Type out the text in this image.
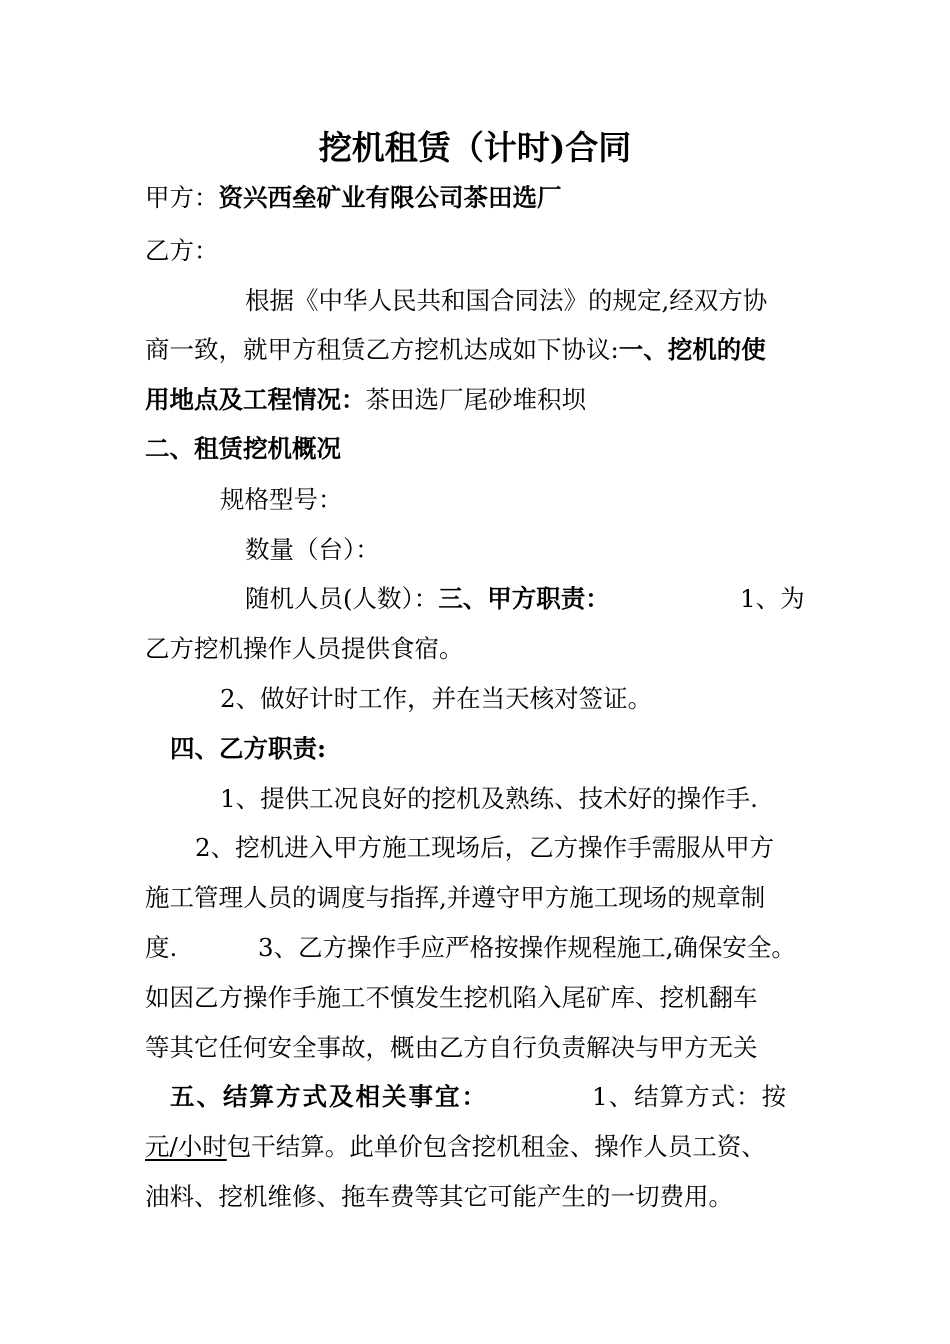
挖机租赁（计时)合同
甲方：资兴西垒矿业有限公司茶田选厂
乙方：
根据《中华人民共和国合同法》的规定,经双方协
商一致，就甲方租赁乙方挖机达成如下协议:一、挖机的使
用地点及工程情况：茶田选厂尾砂堆积坝
二、租赁挖机概况
规格型号：
数量（台）：
随机人员(人数）：三、甲方职责：	1、为
乙方挖机操作人员提供食宿。
2、做好计时工作，并在当天核对签证。
四、乙方职责:
1、提供工况良好的挖机及熟练、技术好的操作手.
2、挖机进入甲方施工现场后，乙方操作手需服从甲方
施工管理人员的调度与指挥,并遵守甲方施工现场的规章制
度.	3、乙方操作手应严格按操作规程施工,确保安全。
如因乙方操作手施工不慎发生挖机陷入尾矿库、挖机翻车
等其它任何安全事故，概由乙方自行负责解决与甲方无关
五、结算方式及相关事宜：	1、结算方式：按
元/小时包干结算。此单价包含挖机租金、操作人员工资、
油料、挖机维修、拖车费等其它可能产生的一切费用。
